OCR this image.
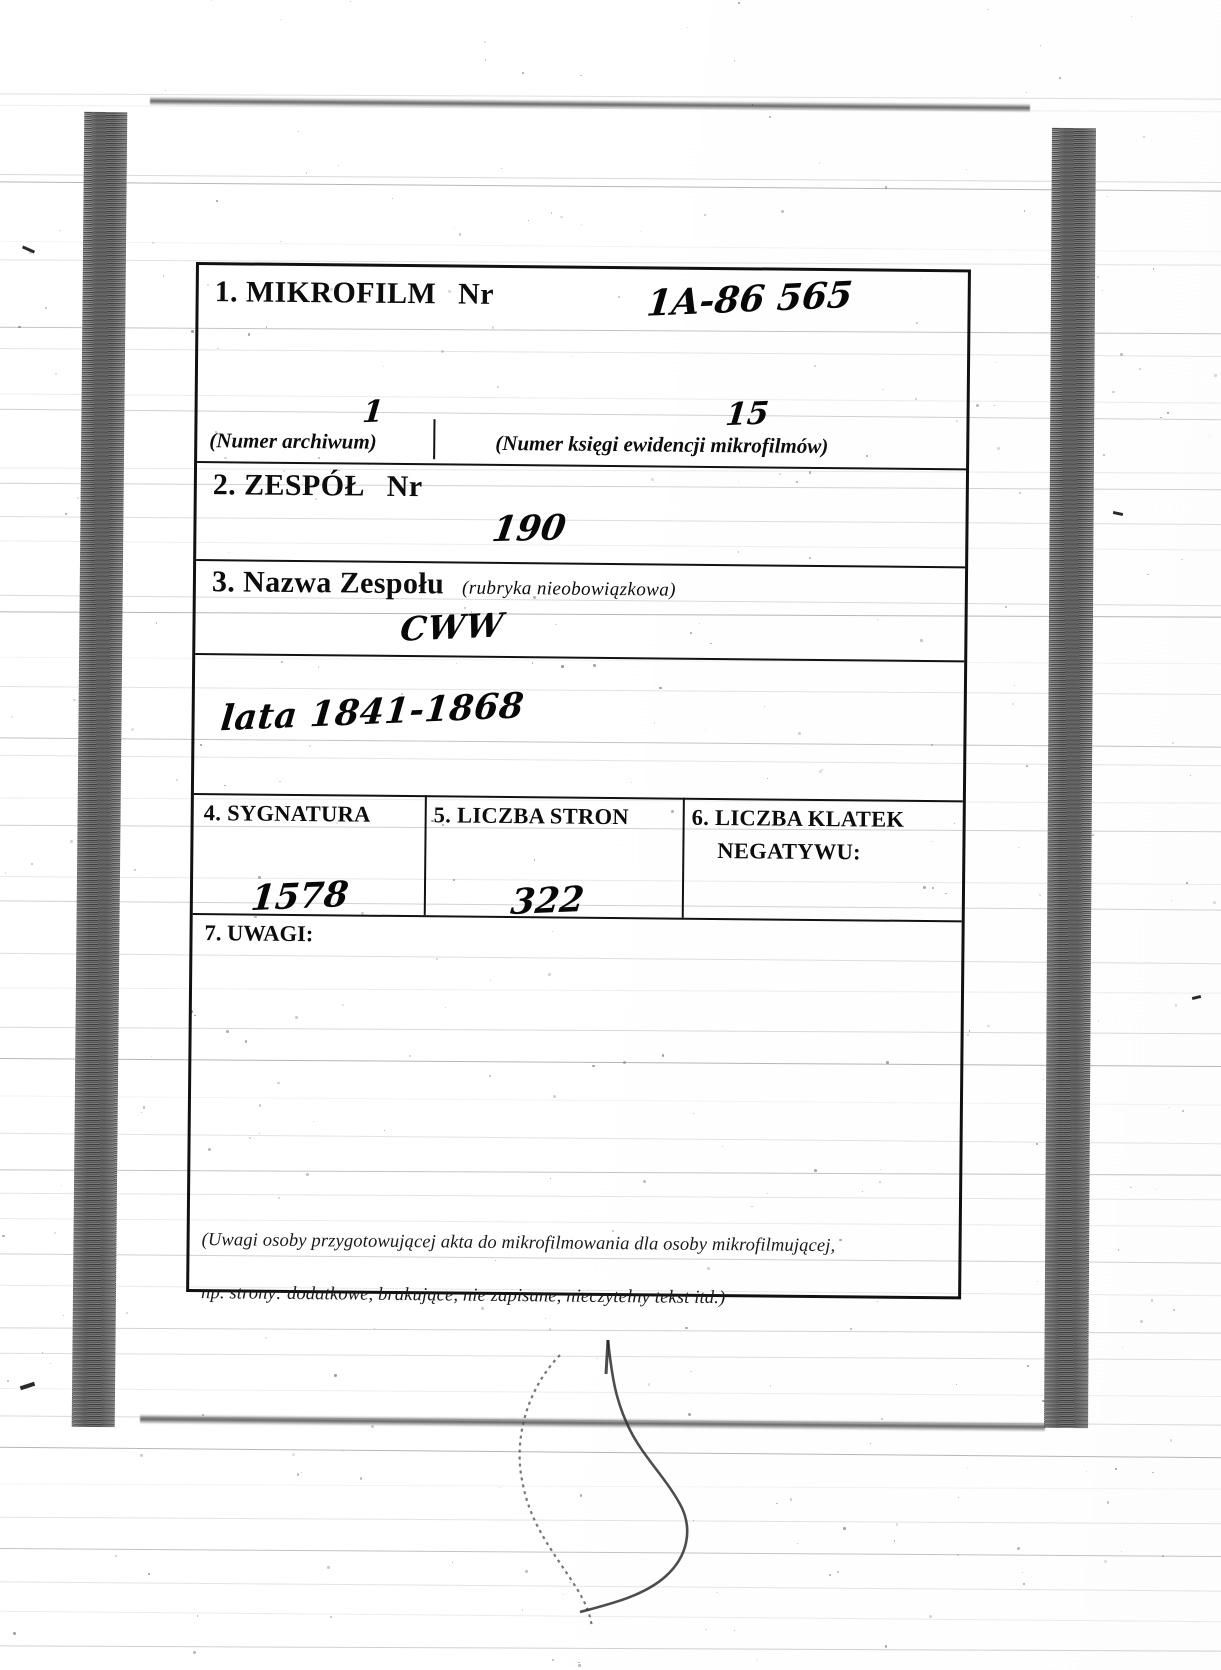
1. MIKROFILM Nr	1A-86 565
(Numer archiwum)	(Numer księgi ewidencji mikrofilmów)
1	15
2. ZESPÓŁ Nr
190
3. Nazwa Zespołu (rubryka nieobowiązkowa)
CWW
lata 1841-1868
4. SYGNATURA	5. LICZBA STRON	6. LICZBA KLATEK
NEGATYWU:
1578	322
7. UWAGI:

(Uwagi osoby przygotowującej akta do mikrofilmowania dla osoby mikrofilmującej,

np. strony: dodatkowe, brakujące, nie zapisane, nieczytelny tekst itd.)
